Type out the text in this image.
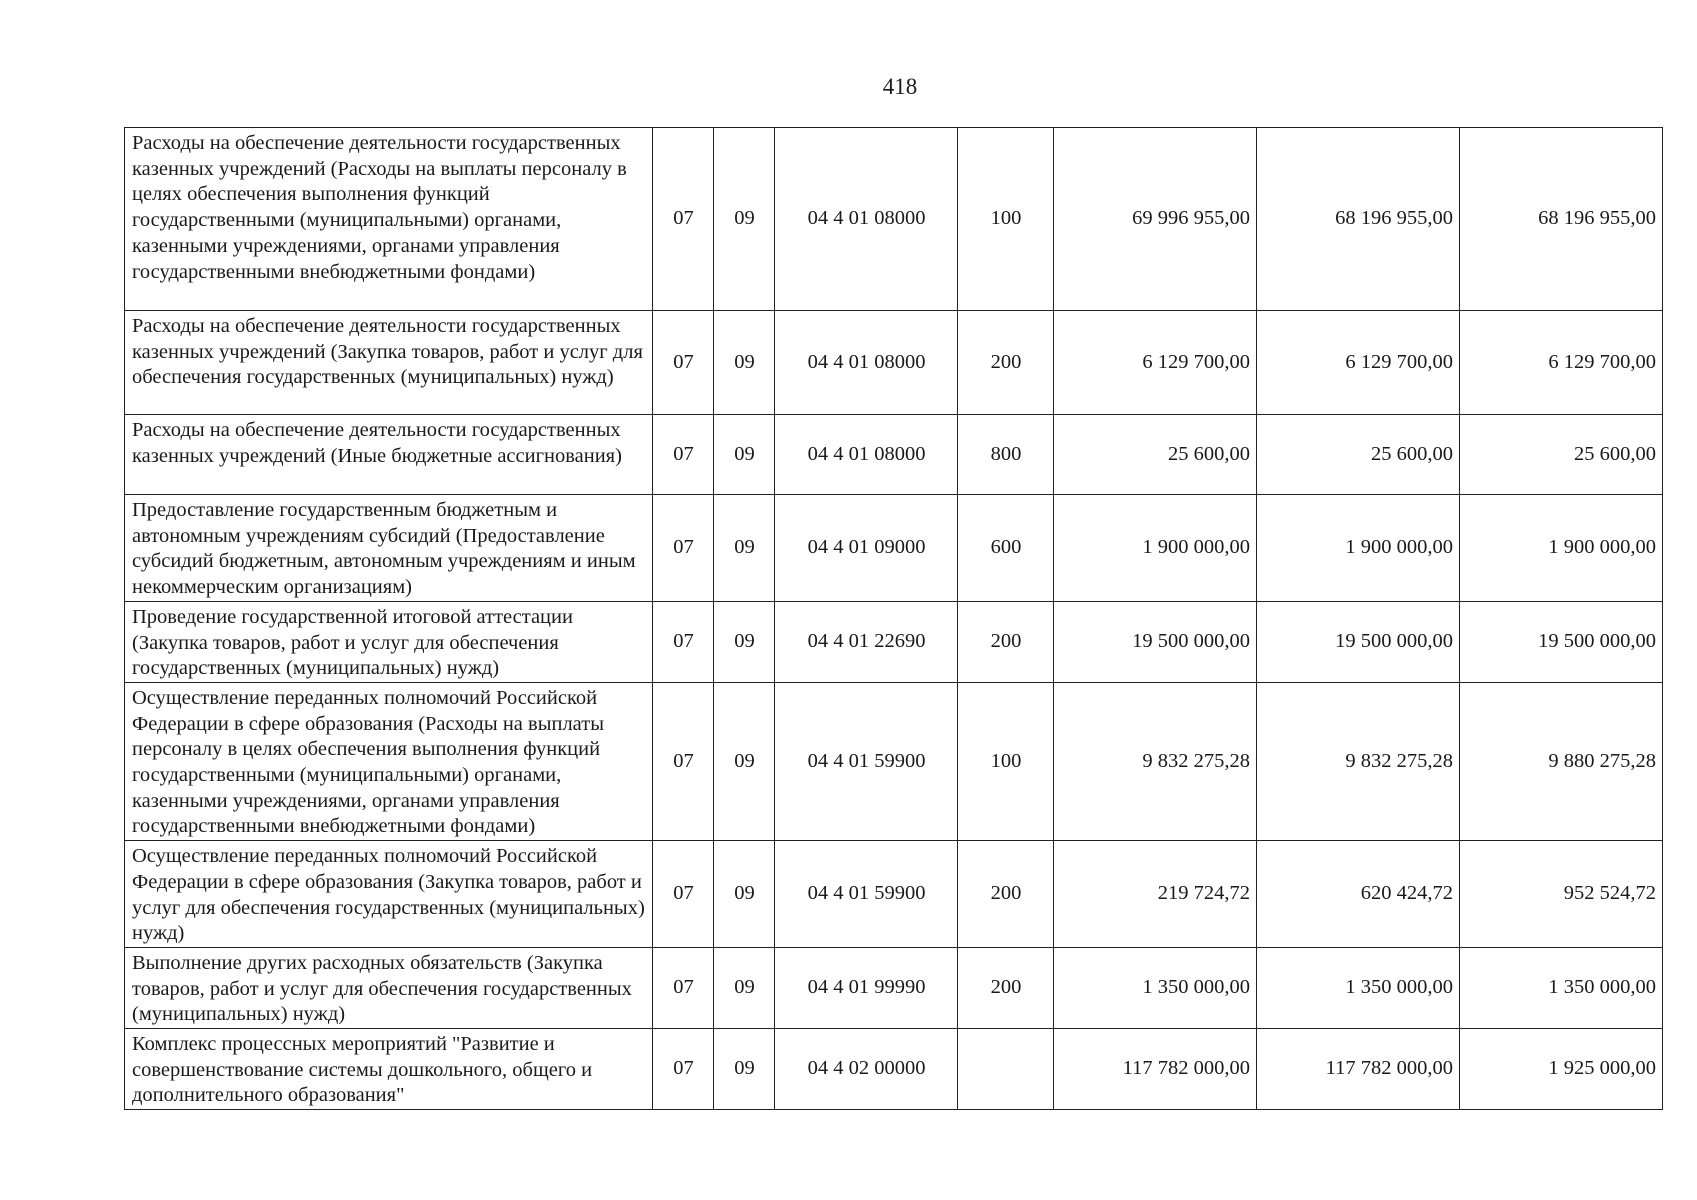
418
Расходы на обеспечение деятельности государственных казенных учреждений (Расходы на выплаты персоналу в целях обеспечения выполнения функций государственными (муниципальными) органами, казенными учреждениями, органами управления государственными внебюджетными фондами)	07	09	04 4 01 08000	100	69 996 955,00	68 196 955,00	68 196 955,00
Расходы на обеспечение деятельности государственных казенных учреждений (Закупка товаров, работ и услуг для обеспечения государственных (муниципальных) нужд)	07	09	04 4 01 08000	200	6 129 700,00	6 129 700,00	6 129 700,00
Расходы на обеспечение деятельности государственных казенных учреждений (Иные бюджетные ассигнования)	07	09	04 4 01 08000	800	25 600,00	25 600,00	25 600,00
Предоставление государственным бюджетным и автономным учреждениям субсидий (Предоставление субсидий бюджетным, автономным учреждениям и иным некоммерческим организациям)	07	09	04 4 01 09000	600	1 900 000,00	1 900 000,00	1 900 000,00
Проведение государственной итоговой аттестации (Закупка товаров, работ и услуг для обеспечения государственных (муниципальных) нужд)	07	09	04 4 01 22690	200	19 500 000,00	19 500 000,00	19 500 000,00
Осуществление переданных полномочий Российской Федерации в сфере образования (Расходы на выплаты персоналу в целях обеспечения выполнения функций государственными (муниципальными) органами, казенными учреждениями, органами управления государственными внебюджетными фондами)	07	09	04 4 01 59900	100	9 832 275,28	9 832 275,28	9 880 275,28
Осуществление переданных полномочий Российской Федерации в сфере образования (Закупка товаров, работ и услуг для обеспечения государственных (муниципальных) нужд)	07	09	04 4 01 59900	200	219 724,72	620 424,72	952 524,72
Выполнение других расходных обязательств (Закупка товаров, работ и услуг для обеспечения государственных (муниципальных) нужд)	07	09	04 4 01 99990	200	1 350 000,00	1 350 000,00	1 350 000,00
Комплекс процессных мероприятий "Развитие и совершенствование системы дошкольного, общего и дополнительного образования"	07	09	04 4 02 00000		117 782 000,00	117 782 000,00	1 925 000,00
